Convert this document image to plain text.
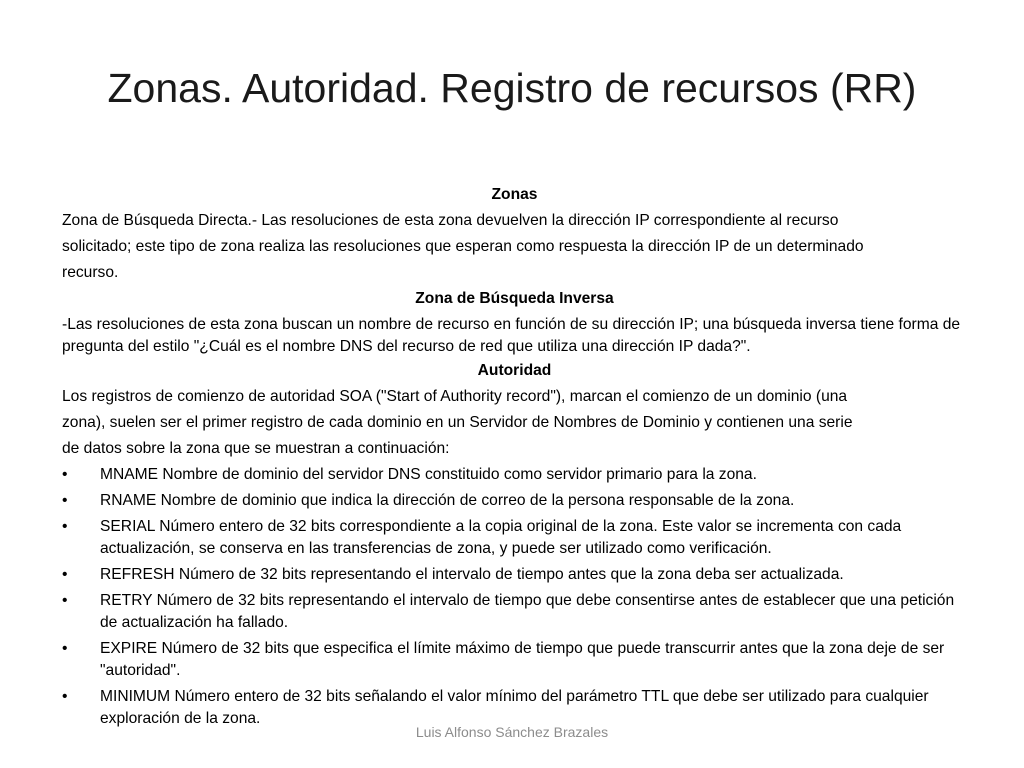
Zonas. Autoridad. Registro de recursos (RR)
Zonas
Zona de Búsqueda Directa.- Las resoluciones de esta zona devuelven la dirección IP correspondiente al recurso
solicitado; este tipo de zona realiza las resoluciones que esperan como respuesta la dirección IP de un determinado
recurso.
Zona de Búsqueda Inversa
-Las resoluciones de esta zona buscan un nombre de recurso en función de su dirección IP; una búsqueda inversa tiene forma de pregunta del estilo "¿Cuál es el nombre DNS del recurso de red que utiliza una dirección IP dada?".
Autoridad
Los registros de comienzo de autoridad SOA ("Start of Authority record"), marcan el comienzo de un dominio (una
zona), suelen ser el primer registro de cada dominio en un Servidor de Nombres de Dominio y contienen una serie
de datos sobre la zona que se muestran a continuación:
•	MNAME Nombre de dominio del servidor DNS constituido como servidor primario para la zona.
•	RNAME Nombre de dominio que indica la dirección de correo de la persona responsable de la zona.
•	SERIAL Número entero de 32 bits correspondiente a la copia original de la zona. Este valor se incrementa con cada actualización, se conserva en las transferencias de zona, y puede ser utilizado como verificación.
•	REFRESH Número de 32 bits representando el intervalo de tiempo antes que la zona deba ser actualizada.
•	RETRY Número de 32 bits representando el intervalo de tiempo que debe consentirse antes de establecer que una petición de actualización ha fallado.
•	EXPIRE Número de 32 bits que especifica el límite máximo de tiempo que puede transcurrir antes que la zona deje de ser "autoridad".
•	MINIMUM Número entero de 32 bits señalando el valor mínimo del parámetro TTL que debe ser utilizado para cualquier exploración de la zona.
Luis Alfonso Sánchez Brazales
